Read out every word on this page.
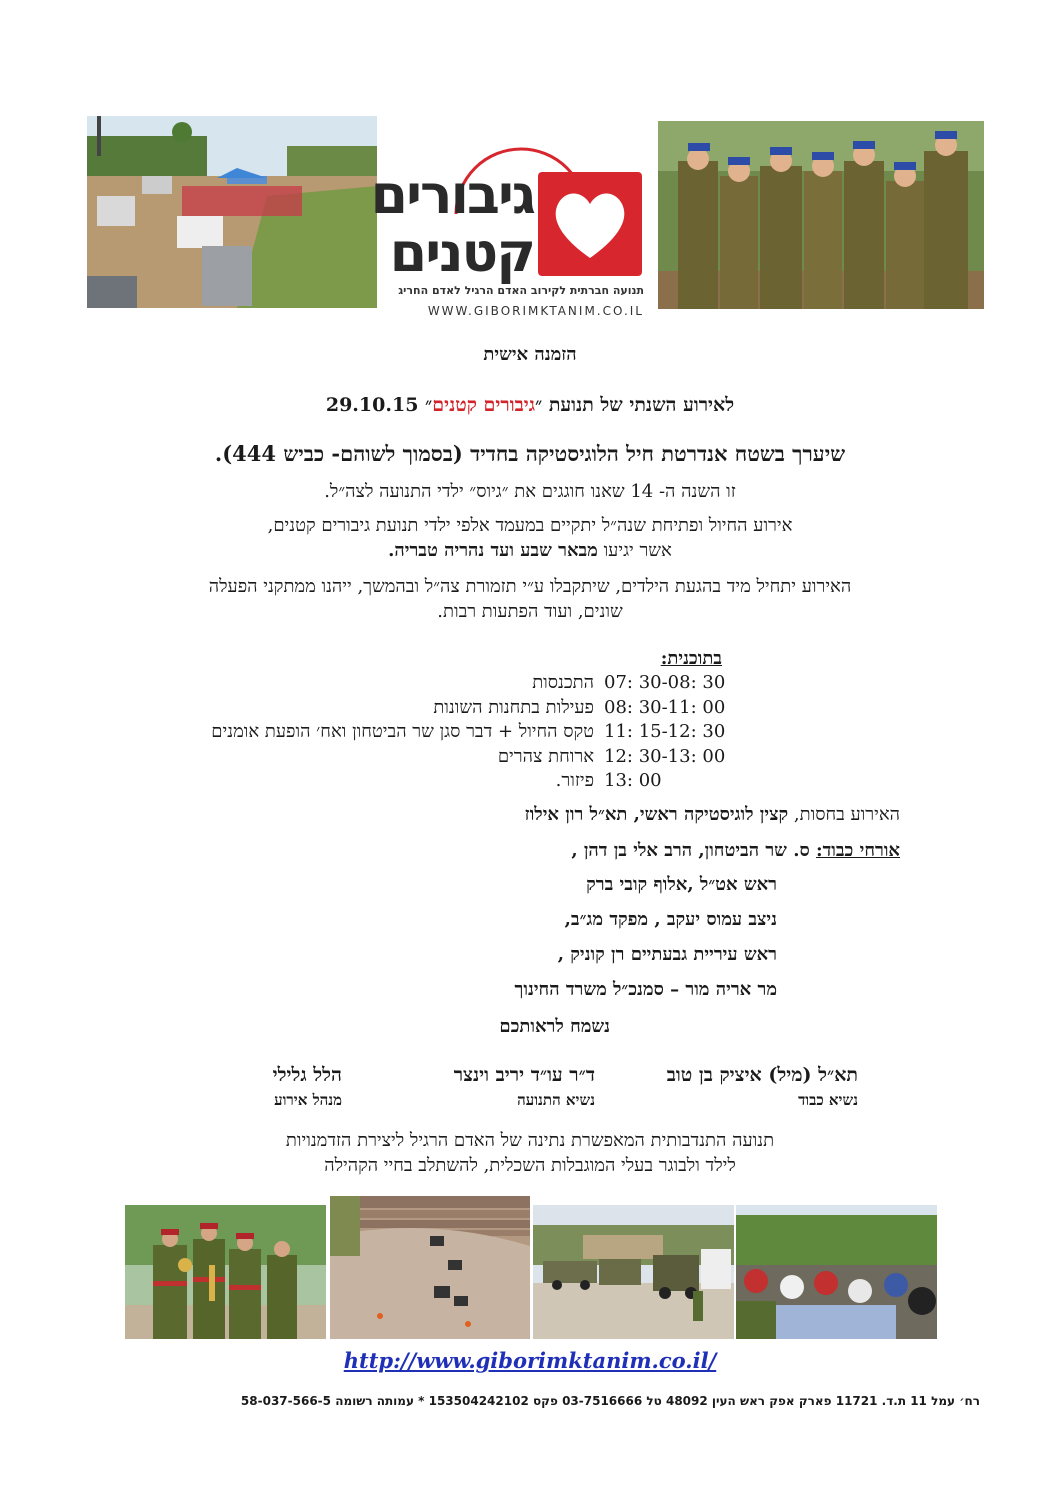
גיבורים
קטנים
תנועה חברתית לקירוב האדם הרגיל לאדם החריג
WWW.GIBORIMKTANIM.CO.IL
הזמנה אישית
לאירוע השנתי של תנועת ״גיבורים קטנים״ 29.10.15
שיערך בשטח אנדרטת חיל הלוגיסטיקה בחדיד (בסמוך לשוהם- כביש 444).
זו השנה ה- 14 שאנו חוגגים את ״גיוס״ ילדי התנועה לצה״ל.
אירוע החיול ופתיחת שנה״ל יתקיים במעמד אלפי ילדי תנועת גיבורים קטנים,
אשר יגיעו מבאר שבע ועד נהריה טבריה.
האירוע יתחיל מיד בהגעת הילדים, שיתקבלו ע״י תזמורת צה״ל ובהמשך, ייהנו ממתקני הפעלה
שונים, ועוד הפתעות רבות.
בתוכנית:
07: 30-08: 30
התכנסות
08: 30-11: 00
פעילות בתחנות השונות
11: 15-12: 30
טקס החיול + דבר סגן שר הביטחון ואח׳ הופעת אומנים
12: 30-13: 00
ארוחת צהרים
13: 00
פיזור.
האירוע בחסות, קצין לוגיסטיקה ראשי, תא״ל רון אילוז
אורחי כבוד: ס. שר הביטחון, הרב אלי בן דהן ,
ראש אט״ל ,אלוף קובי ברק
ניצב עמוס יעקב , מפקד מג״ב,
ראש עיריית גבעתיים רן קוניק ,
מר אריה מור – סמנכ״ל משרד החינוך
נשמח לראותכם
תא״ל (מיל) איציק בן טוב
נשיא כבוד
ד״ר עו״ד יריב וינצר
נשיא התנועה
הלל גלילי
מנהל אירוע
תנועה התנדבותית המאפשרת נתינה של האדם הרגיל ליצירת הזדמנויות
לילד ולבוגר בעלי המוגבלות השכלית, להשתלב בחיי הקהילה
http://www.giborimktanim.co.il/
רח׳ עמל 11 ת.ד. 11721 פארק אפק ראש העין 48092 טל 03-7516666 פקס 153504242102 * עמותה רשומה 58-037-566-5
